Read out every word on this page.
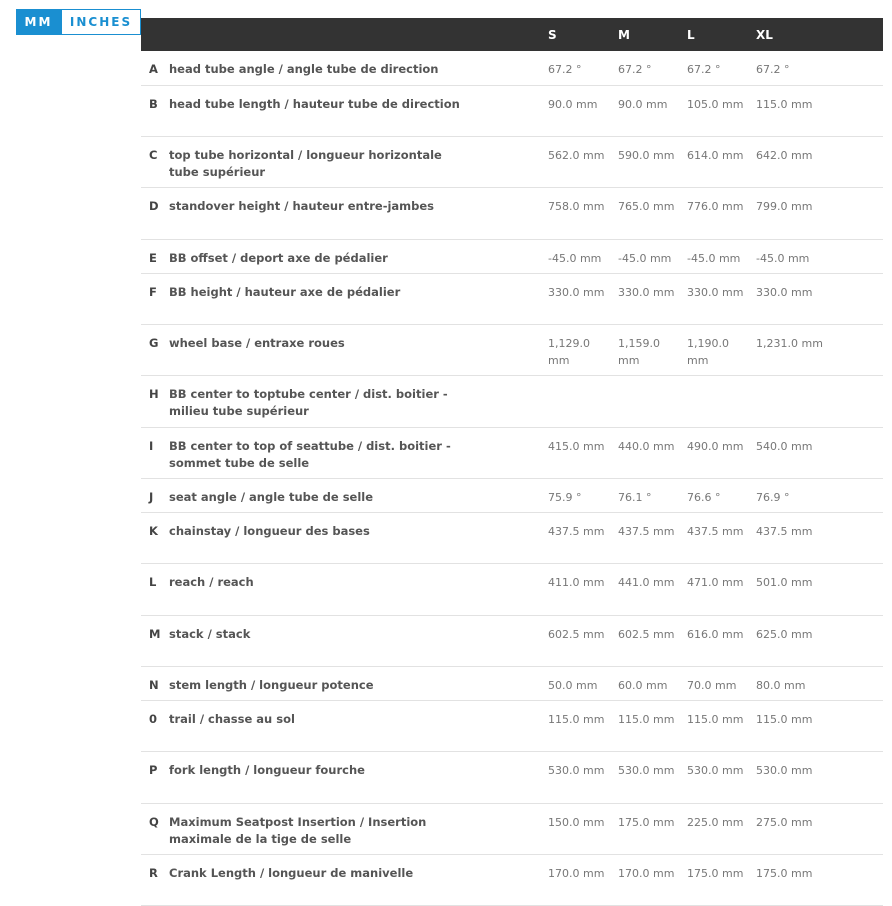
MM	INCHES
		S	M	L	XL
A	head tube angle / angle tube de direction	67.2 °	67.2 °	67.2 °	67.2 °
B	head tube length / hauteur tube de direction	90.0 mm	90.0 mm	105.0 mm	115.0 mm
C	top tube horizontal / longueur horizontale tube supérieur	562.0 mm	590.0 mm	614.0 mm	642.0 mm
D	standover height / hauteur entre-jambes	758.0 mm	765.0 mm	776.0 mm	799.0 mm
E	BB offset / deport axe de pédalier	-45.0 mm	-45.0 mm	-45.0 mm	-45.0 mm
F	BB height / hauteur axe de pédalier	330.0 mm	330.0 mm	330.0 mm	330.0 mm
G	wheel base / entraxe roues	1,129.0 mm	1,159.0 mm	1,190.0 mm	1,231.0 mm
H	BB center to toptube center / dist. boitier - milieu tube supérieur				
I	BB center to top of seattube / dist. boitier - sommet tube de selle	415.0 mm	440.0 mm	490.0 mm	540.0 mm
J	seat angle / angle tube de selle	75.9 °	76.1 °	76.6 °	76.9 °
K	chainstay / longueur des bases	437.5 mm	437.5 mm	437.5 mm	437.5 mm
L	reach / reach	411.0 mm	441.0 mm	471.0 mm	501.0 mm
M	stack / stack	602.5 mm	602.5 mm	616.0 mm	625.0 mm
N	stem length / longueur potence	50.0 mm	60.0 mm	70.0 mm	80.0 mm
0	trail / chasse au sol	115.0 mm	115.0 mm	115.0 mm	115.0 mm
P	fork length / longueur fourche	530.0 mm	530.0 mm	530.0 mm	530.0 mm
Q	Maximum Seatpost Insertion / Insertion maximale de la tige de selle	150.0 mm	175.0 mm	225.0 mm	275.0 mm
R	Crank Length / longueur de manivelle	170.0 mm	170.0 mm	175.0 mm	175.0 mm
